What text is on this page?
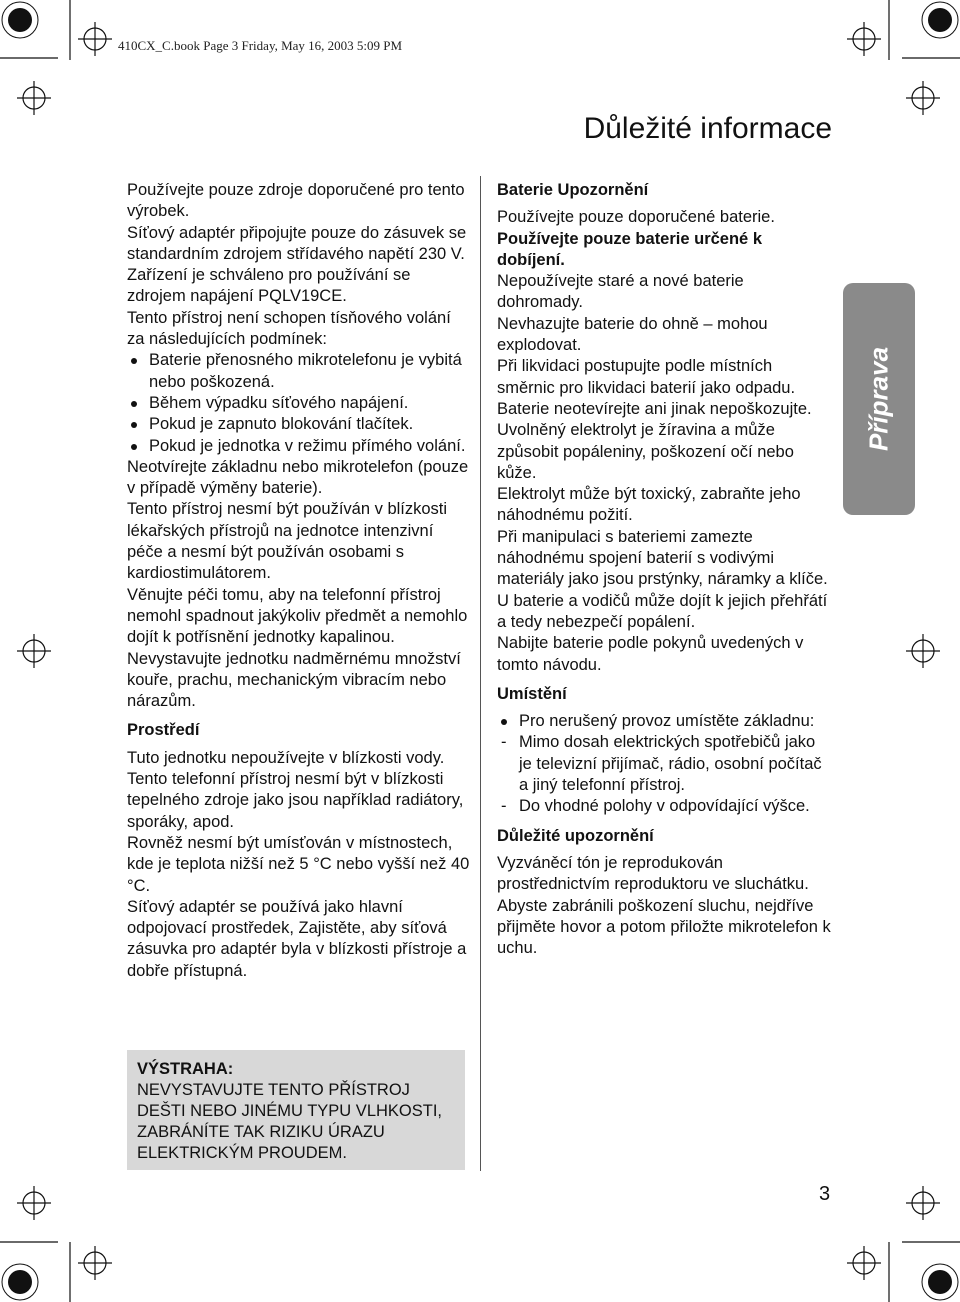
410CX_C.book Page 3 Friday, May 16, 2003 5:09 PM
Důležité informace

Používejte pouze zdroje doporučené pro tento výrobek.

Síťový adaptér připojujte pouze do zásuvek se standardním zdrojem střídavého napětí 230 V.

Zařízení je schváleno pro používání se zdrojem napájení PQLV19CE.

Tento přístroj není schopen tísňového volání za následujících podmínek:

Baterie přenosného mikrotelefonu je vybitá nebo poškozená.

Během výpadku síťového napájení.

Pokud je zapnuto blokování tlačítek.

Pokud je jednotka v režimu přímého volání.

Neotvírejte základnu nebo mikrotelefon (pouze v případě výměny baterie).

Tento přístroj nesmí být používán v blízkosti lékařských přístrojů na jednotce intenzivní péče a nesmí být používán osobami s kardiostimulátorem.

Věnujte péči tomu, aby na telefonní přístroj nemohl spadnout jakýkoliv předmět a nemohlo dojít k potřísnění jednotky kapalinou. Nevystavujte jednotku nadměrnému množství kouře, prachu, mechanickým vibracím nebo nárazům.

Prostředí

Tuto jednotku nepoužívejte v blízkosti vody.

Tento telefonní přístroj nesmí být v blízkosti tepelného zdroje jako jsou například radiátory, sporáky, apod.

Rovněž nesmí být umísťován v místnostech, kde je teplota nižší než 5 °C nebo vyšší než 40 °C.

Síťový adaptér se používá jako hlavní odpojovací prostředek, Zajistěte, aby síťová zásuvka pro adaptér byla v blízkosti přístroje a dobře přístupná.

VÝSTRAHA:
NEVYSTAVUJTE TENTO PŘÍSTROJ DEŠTI NEBO JINÉMU TYPU VLHKOSTI, ZABRÁNÍTE TAK RIZIKU ÚRAZU ELEKTRICKÝM PROUDEM.
Baterie Upozornění

Používejte pouze doporučené baterie.

Používejte pouze baterie určené k dobíjení.

Nepoužívejte staré a nové baterie dohromady.

Nevhazujte baterie do ohně – mohou explodovat.

Při likvidaci postupujte podle místních směrnic pro likvidaci baterií jako odpadu.

Baterie neotevírejte ani jinak nepoškozujte.

Uvolněný elektrolyt je žíravina a může způsobit popáleniny, poškození očí nebo kůže.

Elektrolyt může být toxický, zabraňte jeho náhodnému požití.

Při manipulaci s bateriemi zamezte náhodnému spojení baterií s vodivými materiály jako jsou prstýnky, náramky a klíče.

U baterie a vodičů může dojít k jejich přehřátí a tedy nebezpečí popálení.

Nabijte baterie podle pokynů uvedených v tomto návodu.

Umístění

Pro nerušený provoz umístěte základnu:

- Mimo dosah elektrických spotřebičů jako je televizní přijímač, rádio, osobní počítač a jiný telefonní přístroj.

- Do vhodné polohy v odpovídající výšce.

Důležité upozornění

Vyzváněcí tón je reprodukován prostřednictvím reproduktoru ve sluchátku. Abyste zabránili poškození sluchu, nejdříve přijměte hovor a potom přiložte mikrotelefon k uchu.

Příprava
3
